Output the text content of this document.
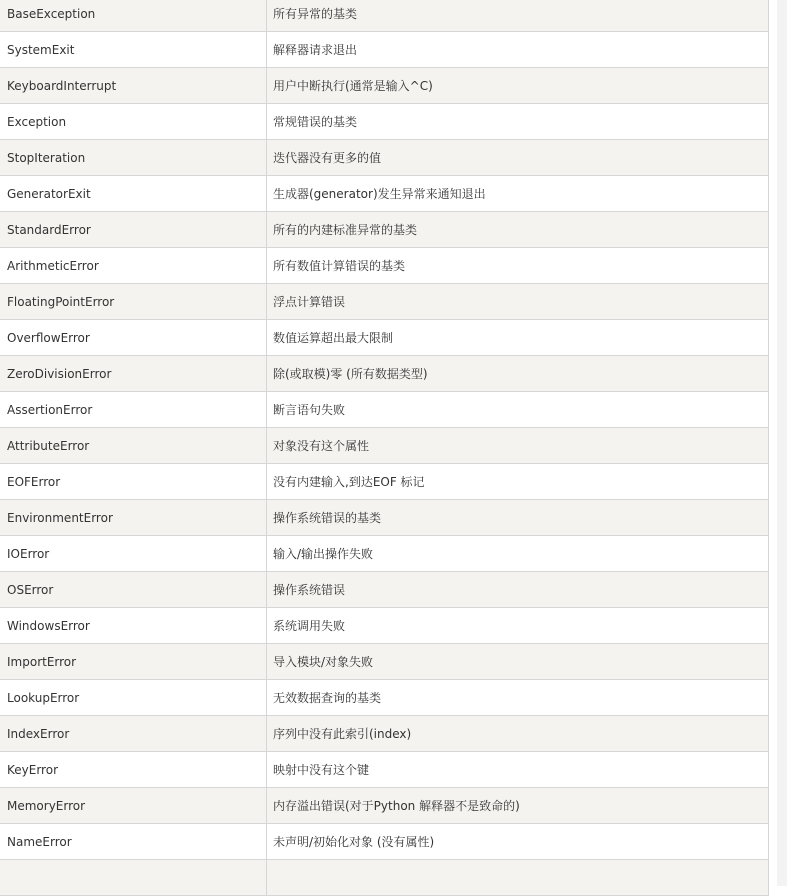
BaseException	所有异常的基类
SystemExit	解释器请求退出
KeyboardInterrupt	用户中断执行(通常是输入^C)
Exception	常规错误的基类
StopIteration	迭代器没有更多的值
GeneratorExit	生成器(generator)发生异常来通知退出
StandardError	所有的内建标准异常的基类
ArithmeticError	所有数值计算错误的基类
FloatingPointError	浮点计算错误
OverflowError	数值运算超出最大限制
ZeroDivisionError	除(或取模)零 (所有数据类型)
AssertionError	断言语句失败
AttributeError	对象没有这个属性
EOFError	没有内建输入,到达EOF 标记
EnvironmentError	操作系统错误的基类
IOError	输入/输出操作失败
OSError	操作系统错误
WindowsError	系统调用失败
ImportError	导入模块/对象失败
LookupError	无效数据查询的基类
IndexError	序列中没有此索引(index)
KeyError	映射中没有这个键
MemoryError	内存溢出错误(对于Python 解释器不是致命的)
NameError	未声明/初始化对象 (没有属性)
